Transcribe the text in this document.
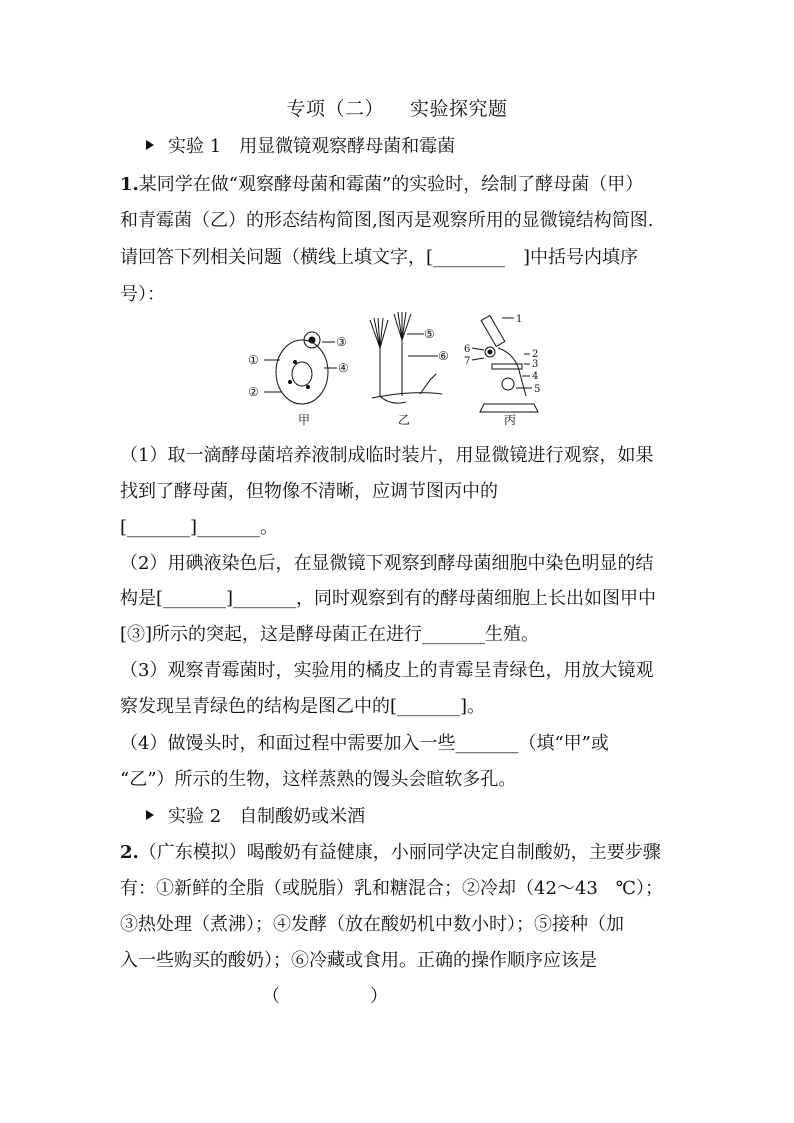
专项（二） 实验探究题
实验 1 用显微镜观察酵母菌和霉菌
1.某同学在做“观察酵母菌和霉菌”的实验时，绘制了酵母菌（甲）
和青霉菌（乙）的形态结构简图,图丙是观察所用的显微镜结构简图.
请回答下列相关问题（横线上填文字，[________　]中括号内填序
号）：
①
②
③
④
甲
⑤
⑥
乙
1
2
3
4
5
6
7
丙
（1）取一滴酵母菌培养液制成临时装片，用显微镜进行观察，如果
找到了酵母菌，但物像不清晰，应调节图丙中的
[_______]_______。
（2）用碘液染色后，在显微镜下观察到酵母菌细胞中染色明显的结
构是[_______]_______，同时观察到有的酵母菌细胞上长出如图甲中
[③]所示的突起，这是酵母菌正在进行_______生殖。
（3）观察青霉菌时，实验用的橘皮上的青霉呈青绿色，用放大镜观
察发现呈青绿色的结构是图乙中的[_______]。
（4）做馒头时，和面过程中需要加入一些_______（填“甲”或
“乙”）所示的生物，这样蒸熟的馒头会暄软多孔。
实验 2 自制酸奶或米酒
2.（广东模拟）喝酸奶有益健康，小丽同学决定自制酸奶，主要步骤
有：①新鲜的全脂（或脱脂）乳和糖混合；②冷却（42～43　℃）；
③热处理（煮沸）；④发酵（放在酸奶机中数小时）；⑤接种（加
入一些购买的酸奶）；⑥冷藏或食用。正确的操作顺序应该是
（　　　　　）
